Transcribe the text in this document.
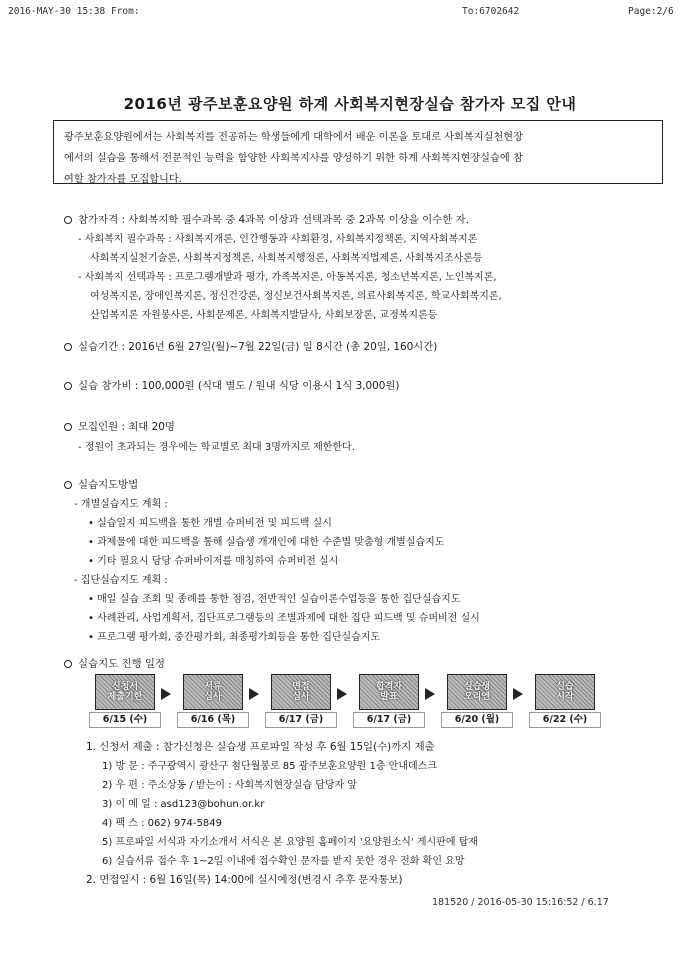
2016-MAY-30 15:38 From:	To:6702642	Page:2/6
2016년 광주보훈요양원 하계 사회복지현장실습 참가자 모집 안내
광주보훈요양원에서는 사회복지를 전공하는 학생들에게 대학에서 배운 이론을 토대로 사회복지실천현장
에서의 실습을 통해서 전문적인 능력을 함양한 사회복지사를 양성하기 위한 하계 사회복지현장실습에 참
여할 참가자를 모집합니다.
참가자격 : 사회복지학 필수과목 중 4과목 이상과 선택과목 중 2과목 이상을 이수한 자.
- 사회복지 필수과목 : 사회복지개론, 인간행동과 사회환경, 사회복지정책론, 지역사회복지론
사회복지실천기술론, 사회복지정책론, 사회복지행정론, 사회복지법제론, 사회복지조사론등
- 사회복지 선택과목 : 프로그램개발과 평가, 가족복지론, 아동복지론, 청소년복지론, 노인복지론,
여성복지론, 장애인복지론, 정신건강론, 정신보건사회복지론, 의료사회복지론, 학교사회복지론,
산업복지론 자원봉사론, 사회문제론, 사회복지발달사, 사회보장론, 교정복지론등
실습기간 : 2016년 6월 27일(월)~7월 22일(금) 일 8시간 (총 20일, 160시간)
실습 참가비 : 100,000원 (식대 별도 / 원내 식당 이용시 1식 3,000원)
모집인원 : 최대 20명
- 정원이 초과되는 경우에는 학교별로 최대 3명까지로 제한한다.
실습지도방법
- 개별실습지도 계획 :
• 실습일지 피드백을 통한 개별 슈퍼비전 및 피드백 실시
• 과제물에 대한 피드백을 통해 실습생 개개인에 대한 수준별 맞춤형 개별실습지도
• 기타 필요시 담당 슈퍼바이저를 매칭하여 슈퍼비전 실시
- 집단실습지도 계획 :
• 매일 실습 조회 및 종례를 통한 점검, 전반적인 실습이론수업등을 통한 집단실습지도
• 사례관리, 사업계획서, 집단프로그램등의 조별과제에 대한 집단 피드백 및 슈퍼비전 실시
• 프로그램 평가회, 중간평가회, 최종평가회등을 통한 집단실습지도
실습지도 진행 일정
신청서
제출기한
6/15 (수)
서류
심사
6/16 (목)
면접
심사
6/17 (금)
합격자
발표
6/17 (금)
실습생
오리엔
6/20 (월)
실습
시작
6/22 (수)
1. 신청서 제출 : 참가신청은 실습생 프로파일 작성 후 6월 15일(수)까지 제출
1) 방 문 : 주구광역시 광산구 첨단월봉로 85 광주보훈요양원 1층 안내데스크
2) 우 편 : 주소상동 / 받는이 : 사회복지현장실습 담당자 앞
3) 이 메 일 : asd123@bohun.or.kr
4) 팩 스 : 062) 974-5849
5) 프로파일 서식과 자기소개서 서식은 본 요양원 홈페이지 '요양원소식' 게시판에 탑재
6) 실습서류 접수 후 1~2일 이내에 접수확인 문자를 받지 못한 경우 전화 확인 요망
2. 면접일시 : 6월 16일(목) 14:00에 실시예정(변경시 추후 문자통보)
181520 / 2016-05-30 15:16:52 / 6.17
